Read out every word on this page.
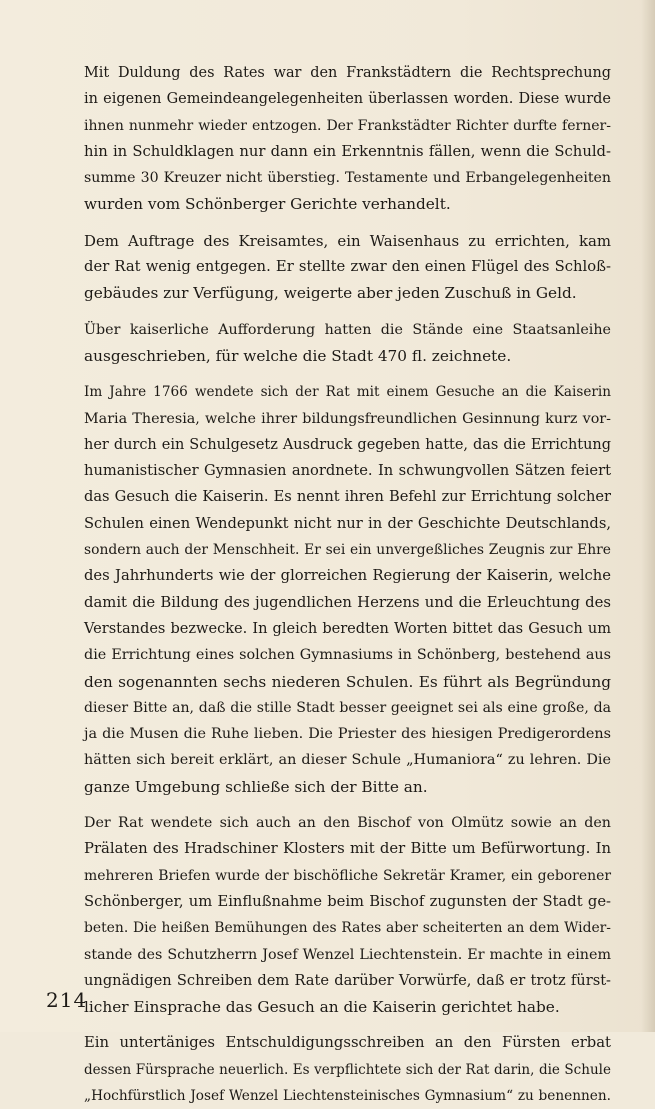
Mit Duldung des Rates war den Frankstädtern die Rechtsprechung
in eigenen Gemeindeangelegenheiten überlassen worden. Diese wurde
ihnen nunmehr wieder entzogen. Der Frankstädter Richter durfte ferner-
hin in Schuldklagen nur dann ein Erkenntnis fällen, wenn die Schuld-
summe 30 Kreuzer nicht überstieg. Testamente und Erbangelegenheiten
wurden vom Schönberger Gerichte verhandelt.

Dem Auftrage des Kreisamtes, ein Waisenhaus zu errichten, kam
der Rat wenig entgegen. Er stellte zwar den einen Flügel des Schloß-
gebäudes zur Verfügung, weigerte aber jeden Zuschuß in Geld.

Über kaiserliche Aufforderung hatten die Stände eine Staatsanleihe
ausgeschrieben, für welche die Stadt 470 fl. zeichnete.

Im Jahre 1766 wendete sich der Rat mit einem Gesuche an die Kaiserin
Maria Theresia, welche ihrer bildungsfreundlichen Gesinnung kurz vor-
her durch ein Schulgesetz Ausdruck gegeben hatte, das die Errichtung
humanistischer Gymnasien anordnete. In schwungvollen Sätzen feiert
das Gesuch die Kaiserin. Es nennt ihren Befehl zur Errichtung solcher
Schulen einen Wendepunkt nicht nur in der Geschichte Deutschlands,
sondern auch der Menschheit. Er sei ein unvergeßliches Zeugnis zur Ehre
des Jahrhunderts wie der glorreichen Regierung der Kaiserin, welche
damit die Bildung des jugendlichen Herzens und die Erleuchtung des
Verstandes bezwecke. In gleich beredten Worten bittet das Gesuch um
die Errichtung eines solchen Gymnasiums in Schönberg, bestehend aus
den sogenannten sechs niederen Schulen. Es führt als Begründung
dieser Bitte an, daß die stille Stadt besser geeignet sei als eine große, da
ja die Musen die Ruhe lieben. Die Priester des hiesigen Predigerordens
hätten sich bereit erklärt, an dieser Schule „Humaniora“ zu lehren. Die
ganze Umgebung schließe sich der Bitte an.

Der Rat wendete sich auch an den Bischof von Olmütz sowie an den
Prälaten des Hradschiner Klosters mit der Bitte um Befürwortung. In
mehreren Briefen wurde der bischöfliche Sekretär Kramer, ein geborener
Schönberger, um Einflußnahme beim Bischof zugunsten der Stadt ge-
beten. Die heißen Bemühungen des Rates aber scheiterten an dem Wider-
stande des Schutzherrn Josef Wenzel Liechtenstein. Er machte in einem
ungnädigen Schreiben dem Rate darüber Vorwürfe, daß er trotz fürst-
licher Einsprache das Gesuch an die Kaiserin gerichtet habe.

Ein untertäniges Entschuldigungsschreiben an den Fürsten erbat
dessen Fürsprache neuerlich. Es verpflichtete sich der Rat darin, die Schule
„Hochfürstlich Josef Wenzel Liechtensteinisches Gymnasium“ zu benennen.

214
